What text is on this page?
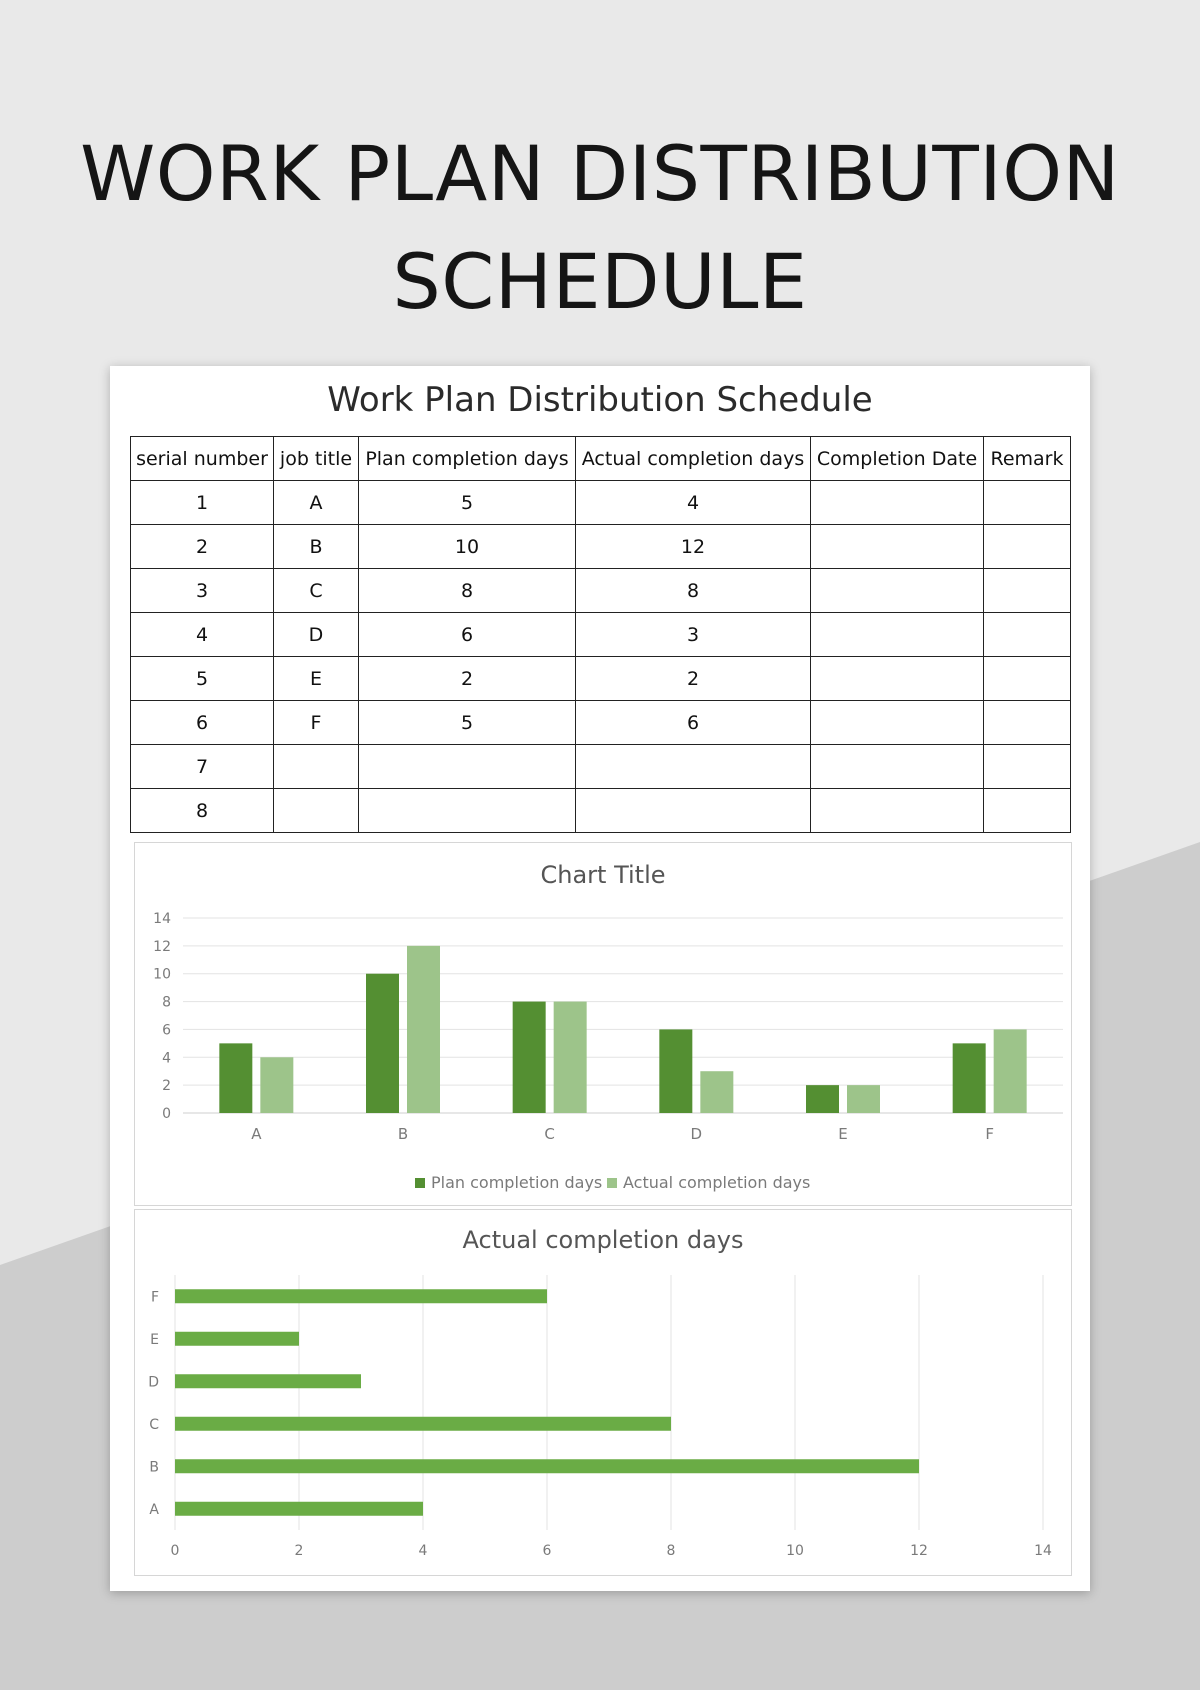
WORK PLAN DISTRIBUTION
SCHEDULE
Work Plan Distribution Schedule
serial number	job title	Plan completion days	Actual completion days	Completion Date	Remark
1	A	5	4		
2	B	10	12		
3	C	8	8		
4	D	6	3		
5	E	2	2		
6	F	5	6		
7					
8					
Chart Title
0
2
4
6
8
10
12
14
A	B	C	D	E	F
Plan completion days Actual completion days
Actual completion days
0	2	4	6	8	10	12	14
A
B
C
D
E
F
